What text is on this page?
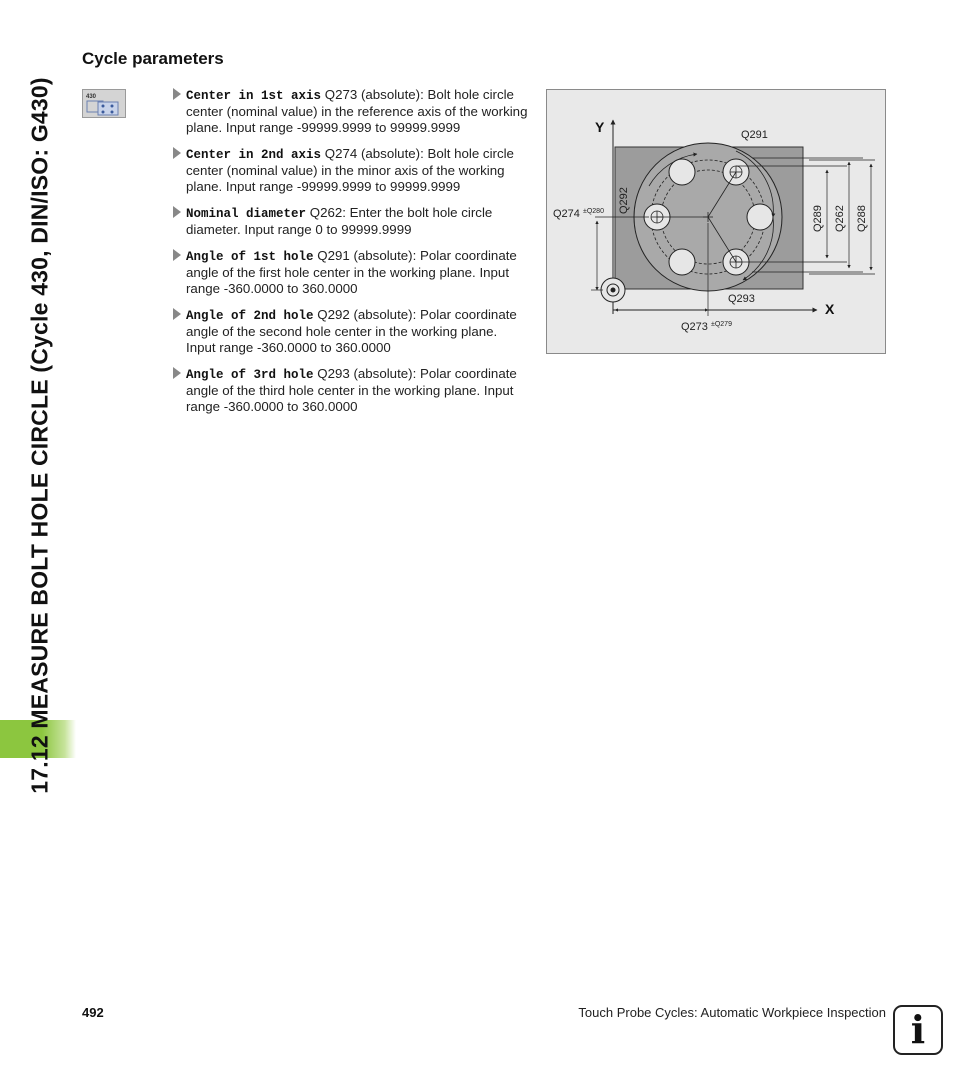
17.12 MEASURE BOLT HOLE CIRCLE (Cycle 430, DIN/ISO: G430)
Cycle parameters
430	Center in 1st axis Q273 (absolute): Bolt hole circle center (nominal value) in the reference axis of the working plane. Input range -99999.9999 to 99999.9999
Center in 2nd axis Q274 (absolute): Bolt hole circle center (nominal value) in the minor axis of the working plane. Input range -99999.9999 to 99999.9999
Nominal diameter Q262: Enter the bolt hole circle diameter. Input range 0 to 99999.9999
Angle of 1st hole Q291 (absolute): Polar coordinate angle of the first hole center in the working plane. Input range -360.0000 to 360.0000
Angle of 2nd hole Q292 (absolute): Polar coordinate angle of the second hole center in the working plane. Input range -360.0000 to 360.0000
Angle of 3rd hole Q293 (absolute): Polar coordinate angle of the third hole center in the working plane. Input range -360.0000 to 360.0000
Y
X
Q291
Q293
Q292
Q274 ±Q280
Q273 ±Q279
Q289 Q262 Q288
492	Touch Probe Cycles: Automatic Workpiece Inspection i
